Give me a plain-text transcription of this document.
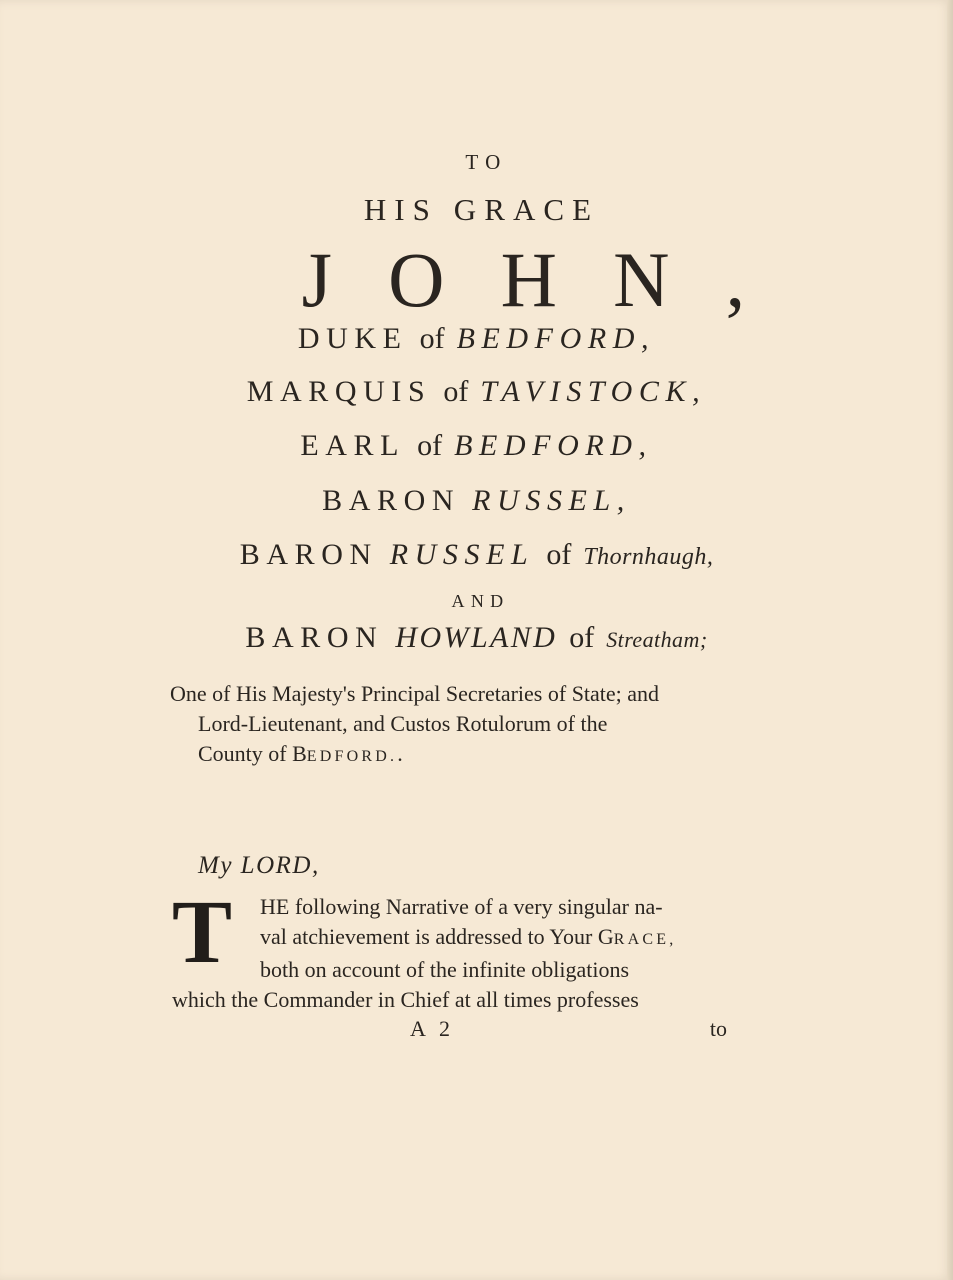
TO
HIS GRACE
JOHN,
DUKE of BEDFORD,
MARQUIS of TAVISTOCK,
EARL of BEDFORD,
BARON RUSSEL,
BARON RUSSEL of Thornhaugh,
AND
BARON HOWLAND of Streatham;
One of His Majesty's Principal Secretaries of State; and
Lord-Lieutenant, and Custos Rotulorum of the
County of BEDFORD..
My LORD,
T	HE following Narrative of a very singular na-
val atchievement is addressed to Your GRACE,
both on account of the infinite obligations
which the Commander in Chief at all times professes
A 2	to
